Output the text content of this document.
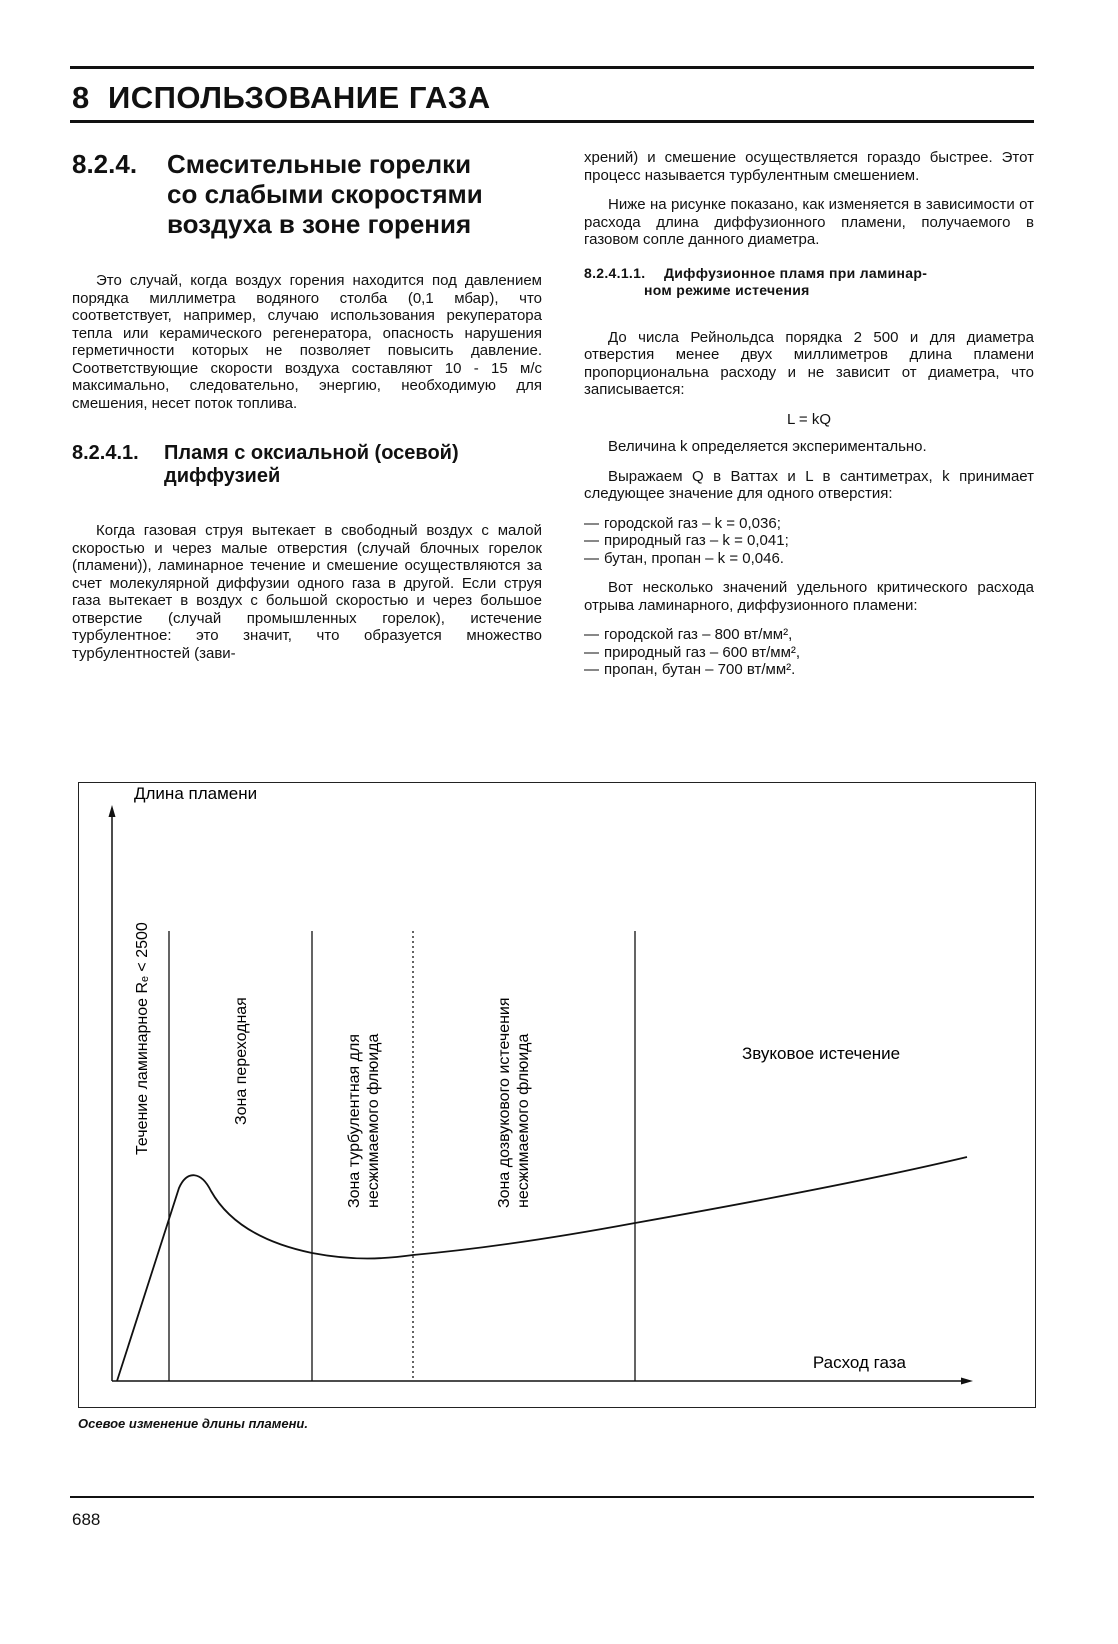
8 ИСПОЛЬЗОВАНИЕ ГАЗА
8.2.4. Смесительные горелки
со слабыми скоростями
воздуха в зоне горения

Это случай, когда воздух горения находится под давлением порядка миллиметра водяного столба (0,1 мбар), что соответствует, например, случаю использования рекуператора тепла или керамического регенератора, опасность нарушения герметичности которых не позволяет повысить давление. Соответствующие скорости воздуха составляют 10 - 15 м/с максимально, следовательно, энергию, необходимую для смешения, несет поток топлива.

8.2.4.1. Пламя с оксиальной (осевой)
диффузией

Когда газовая струя вытекает в свободный воздух с малой скоростью и через малые отверстия (случай блочных горелок (пламени)), ламинарное течение и смешение осуществляются за счет молекулярной диффузии одного газа в другой. Если струя газа вытекает в воздух с большой скоростью и через большое отверстие (случай промышленных горелок), истечение турбулентное: это значит, что образуется множество турбулентностей (зави-

хрений) и смешение осуществляется гораздо быстрее. Этот процесс называется турбулентным смешением.

Ниже на рисунке показано, как изменяется в зависимости от расхода длина диффузионного пламени, получаемого в газовом сопле данного диаметра.

8.2.4.1.1. Диффузионное пламя при ламинар-
ном режиме истечения

До числа Рейнольдса порядка 2 500 и для диаметра отверстия менее двух миллиметров длина пламени пропорциональна расходу и не зависит от диаметра, что записывается:

L = kQ

Величина k определяется экспериментально.

Выражаем Q в Ваттах и L в сантиметрах, k принимает следующее значение для одного отверстия:

— городской газ – k = 0,036;
— природный газ – k = 0,041;
— бутан, пропан – k = 0,046.

Вот несколько значений удельного критического расхода отрыва ламинарного, диффузионного пламени:

— городской газ – 800 вт/мм²,
— природный газ – 600 вт/мм²,
— пропан, бутан – 700 вт/мм².
Длина пламени
Расход газа
Течение ламинарное Rₑ < 2500	Зона переходная	Зона турбулентная для несжимаемого флюида	Зона дозвукового истечения несжимаемого флюида	Звуковое истечение
Осевое изменение длины пламени.
688
